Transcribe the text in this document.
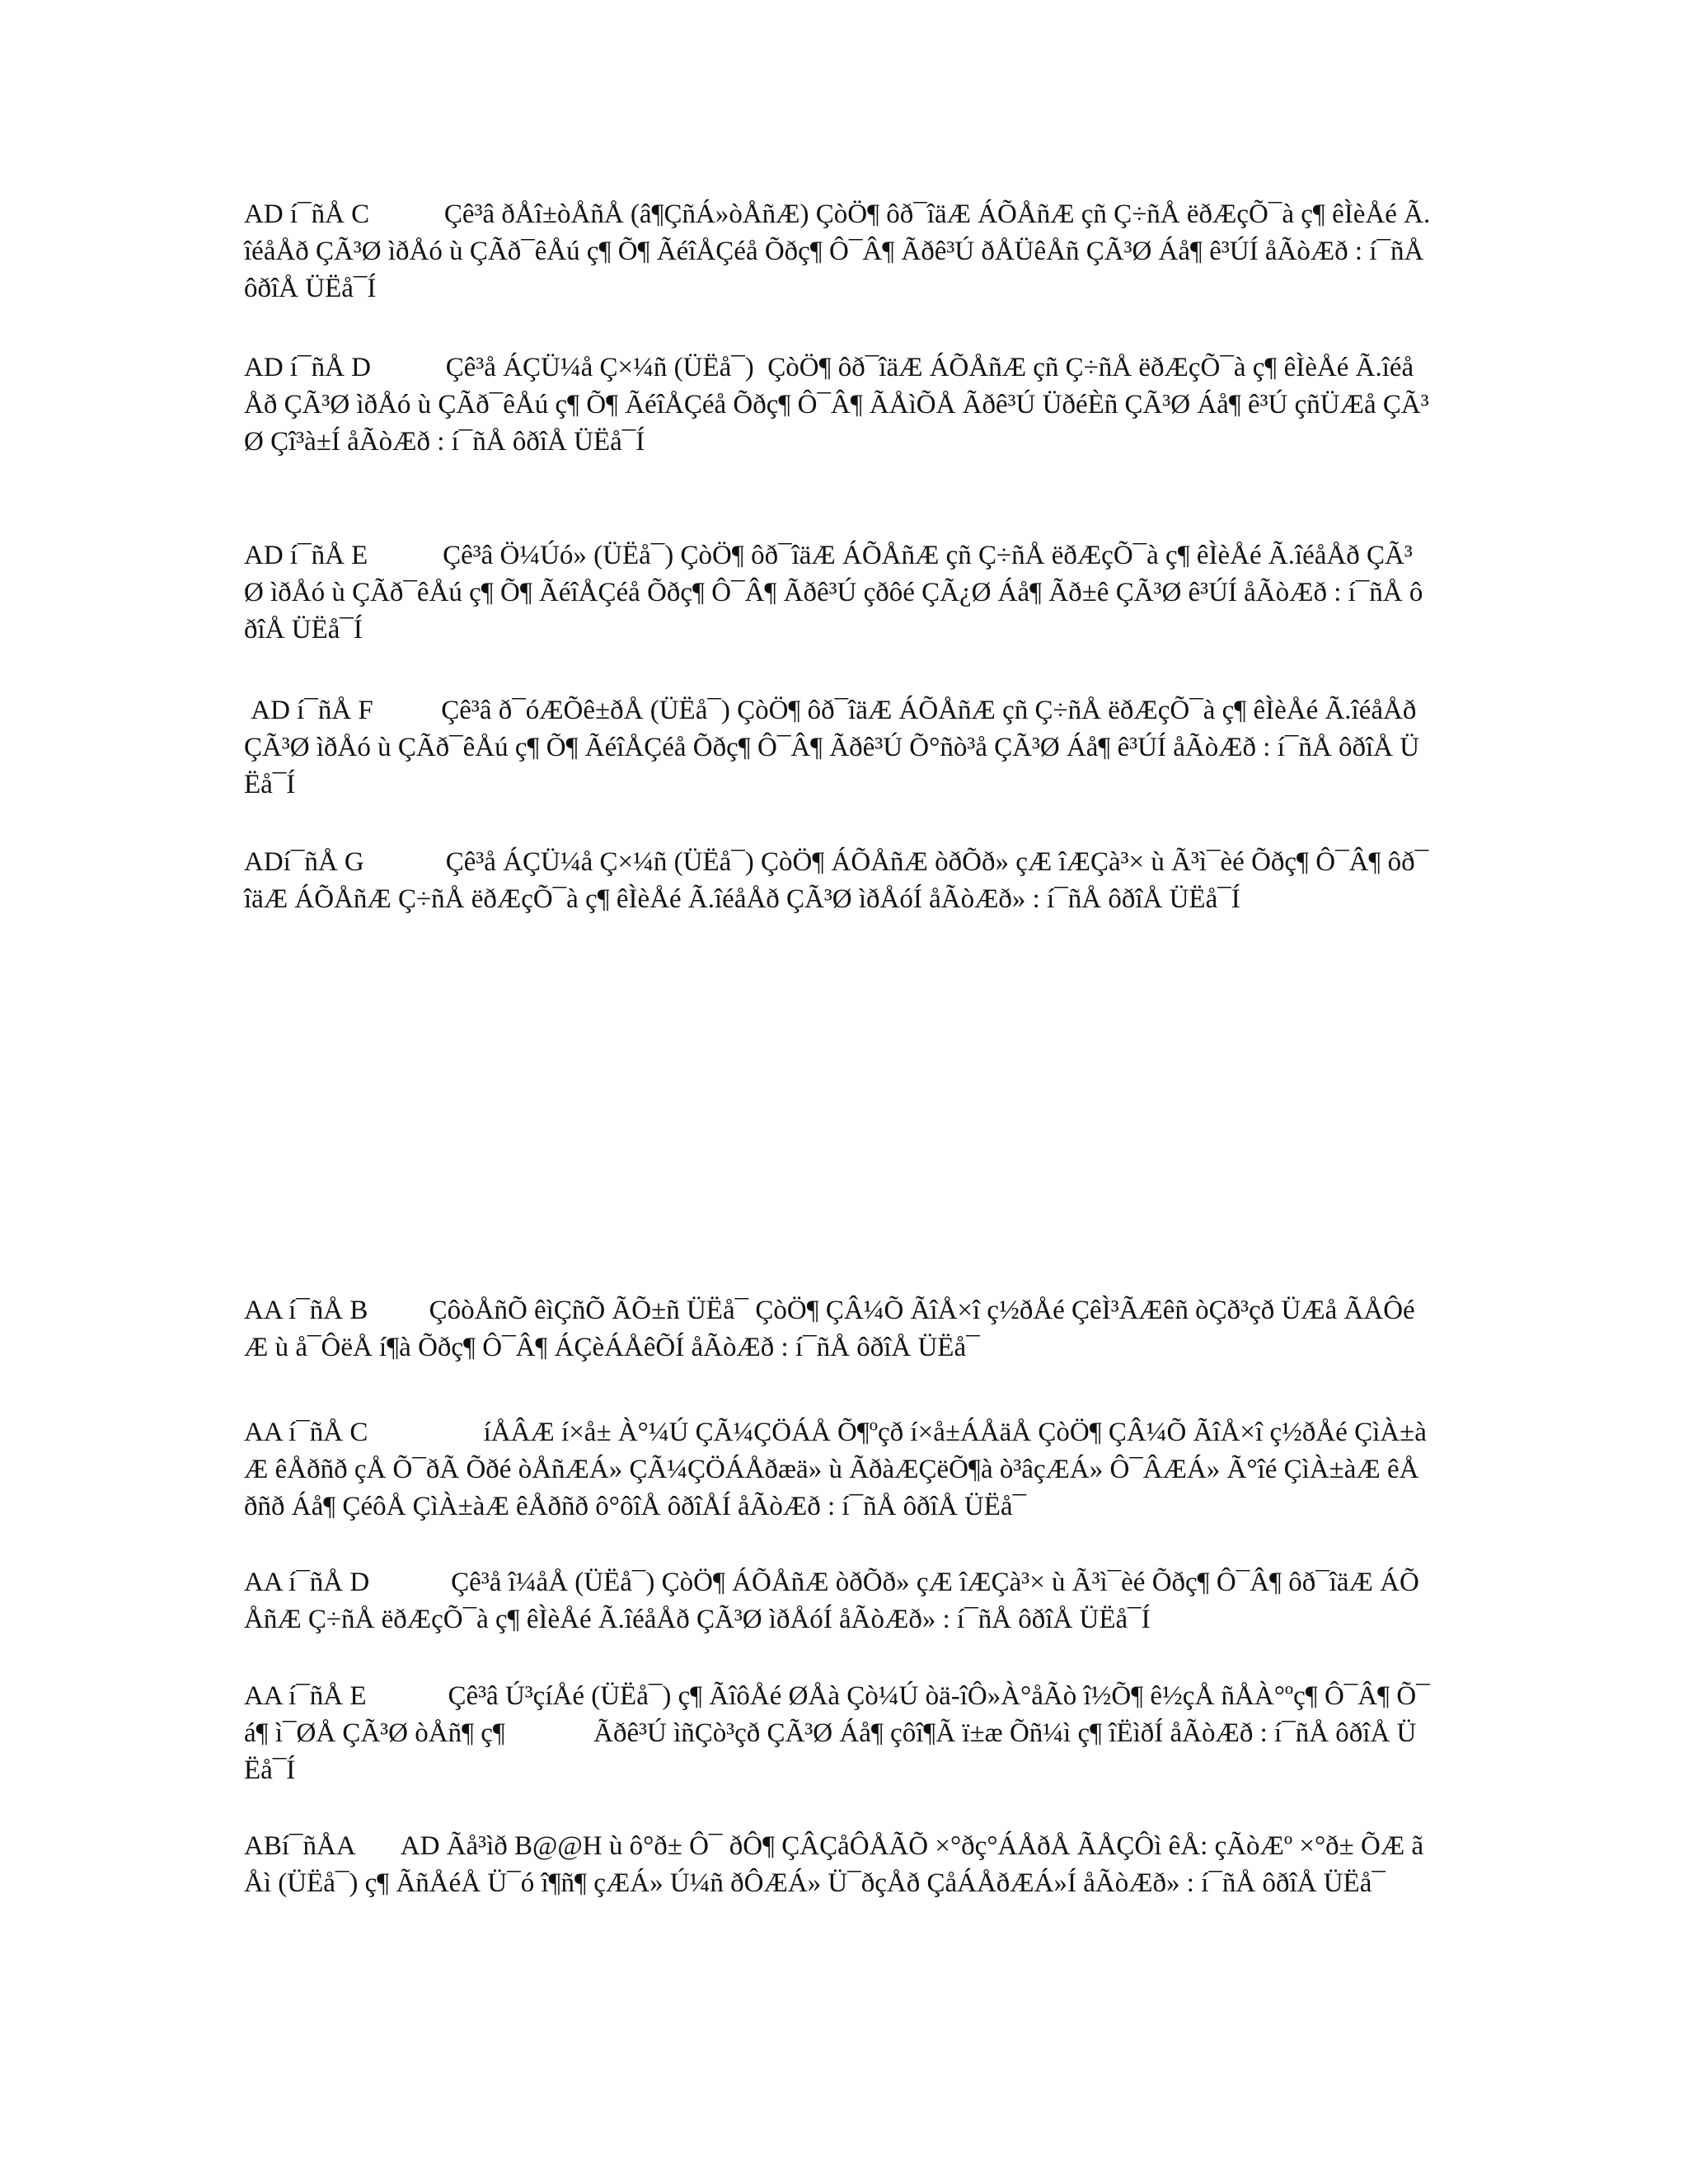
AD í¯ñÅ C           Çê³â ðÅî±òÅñÅ (â¶ÇñÁ»òÅñÆ) ÇòÖ¶ ôð¯îäÆ ÁÕÅñÆ çñ Ç÷ñÅ ëðÆçÕ¯à ç¶ êÌèÅé Ã.îéåÅð ÇÃ³Ø ìðÅó ù ÇÃð¯êÅú ç¶ Õ¶ ÃéîÅÇéå Õðç¶ Ô¯Â¶ Ãðê³Ú ðÅÜêÅñ ÇÃ³Ø Áå¶ ê³ÚÍ åÃòÆð : í¯ñÅ ôðîÅ ÜËå¯Í

AD í¯ñÅ D           Çê³å ÁÇÜ¼å Ç×¼ñ (ÜËå¯)  ÇòÖ¶ ôð¯îäÆ ÁÕÅñÆ çñ Ç÷ñÅ ëðÆçÕ¯à ç¶ êÌèÅé Ã.îéåÅð ÇÃ³Ø ìðÅó ù ÇÃð¯êÅú ç¶ Õ¶ ÃéîÅÇéå Õðç¶ Ô¯Â¶ ÃÅìÕÅ Ãðê³Ú ÜðéÈñ ÇÃ³Ø Áå¶ ê³Ú çñÜÆå ÇÃ³Ø Çî³à±Í åÃòÆð : í¯ñÅ ôðîÅ ÜËå¯Í

AD í¯ñÅ E           Çê³â Ö¼Úó» (ÜËå¯) ÇòÖ¶ ôð¯îäÆ ÁÕÅñÆ çñ Ç÷ñÅ ëðÆçÕ¯à ç¶ êÌèÅé Ã.îéåÅð ÇÃ³Ø ìðÅó ù ÇÃð¯êÅú ç¶ Õ¶ ÃéîÅÇéå Õðç¶ Ô¯Â¶ Ãðê³Ú çðôé ÇÃ¿Ø Áå¶ Ãð±ê ÇÃ³Ø ê³ÚÍ åÃòÆð : í¯ñÅ ôðîÅ ÜËå¯Í

AD í¯ñÅ F          Çê³â ð¯óÆÕê±ðÅ (ÜËå¯) ÇòÖ¶ ôð¯îäÆ ÁÕÅñÆ çñ Ç÷ñÅ ëðÆçÕ¯à ç¶ êÌèÅé Ã.îéåÅð ÇÃ³Ø ìðÅó ù ÇÃð¯êÅú ç¶ Õ¶ ÃéîÅÇéå Õðç¶ Ô¯Â¶ Ãðê³Ú Õ°ñò³å ÇÃ³Ø Áå¶ ê³ÚÍ åÃòÆð : í¯ñÅ ôðîÅ ÜËå¯Í

ADí¯ñÅ G            Çê³å ÁÇÜ¼å Ç×¼ñ (ÜËå¯) ÇòÖ¶ ÁÕÅñÆ òðÕð» çÆ îÆÇà³× ù Ã³ì¯èé Õðç¶ Ô¯Â¶ ôð¯îäÆ ÁÕÅñÆ Ç÷ñÅ ëðÆçÕ¯à ç¶ êÌèÅé Ã.îéåÅð ÇÃ³Ø ìðÅóÍ åÃòÆð» : í¯ñÅ ôðîÅ ÜËå¯Í

AA í¯ñÅ B         ÇôòÅñÕ êìÇñÕ ÃÕ±ñ ÜËå¯ ÇòÖ¶ ÇÂ¼Õ ÃîÅ×î ç½ðÅé ÇêÌ³ÃÆêñ òÇð³çð ÜÆå ÃÅÔéÆ ù å¯ÔëÅ í¶à Õðç¶ Ô¯Â¶ ÁÇèÁÅêÕÍ åÃòÆð : í¯ñÅ ôðîÅ ÜËå¯

AA í¯ñÅ C                 íÅÂÆ í×å± À°¼Ú ÇÃ¼ÇÖÁÅ Õ¶ºçð í×å±ÁÅäÅ ÇòÖ¶ ÇÂ¼Õ ÃîÅ×î ç½ðÅé ÇìÀ±àÆ êÅðñð çÅ Õ¯ðÃ Õðé òÅñÆÁ» ÇÃ¼ÇÖÁÅðæä» ù ÃðàÆÇëÕ¶à ò³âçÆÁ» Ô¯ÂÆÁ» Ã°îé ÇìÀ±àÆ êÅðñð Áå¶ ÇéôÅ ÇìÀ±àÆ êÅðñð ô°ôîÅ ôðîÅÍ åÃòÆð : í¯ñÅ ôðîÅ ÜËå¯

AA í¯ñÅ D            Çê³å î¼åÅ (ÜËå¯) ÇòÖ¶ ÁÕÅñÆ òðÕð» çÆ îÆÇà³× ù Ã³ì¯èé Õðç¶ Ô¯Â¶ ôð¯îäÆ ÁÕÅñÆ Ç÷ñÅ ëðÆçÕ¯à ç¶ êÌèÅé Ã.îéåÅð ÇÃ³Ø ìðÅóÍ åÃòÆð» : í¯ñÅ ôðîÅ ÜËå¯Í

AA í¯ñÅ E            Çê³â Ú³çíÅé (ÜËå¯) ç¶ ÃîôÅé ØÅà Çò¼Ú òä-îÔ»À°åÃò î½Õ¶ ê½çÅ ñÅÀ°ºç¶ Ô¯Â¶ Õ¯á¶ ì¯ØÅ ÇÃ³Ø òÅñ¶ ç¶             Ãðê³Ú ìñÇò³çð ÇÃ³Ø Áå¶ çôî¶Ã ï±æ Õñ¼ì ç¶ îËìðÍ åÃòÆð : í¯ñÅ ôðîÅ ÜËå¯Í

ABí¯ñÅA       AD Ãå³ìð B@@H ù ô°ð± Ô¯ ðÔ¶ ÇÂÇåÔÅÃÕ ×°ðç°ÁÅðÅ ÃÅÇÔì êÅ: çÃòÆº ×°ð± ÕÆ ãÅì (ÜËå¯) ç¶ ÃñÅéÅ Ü¯ó î¶ñ¶ çÆÁ» Ú¼ñ ðÔÆÁ» Ü¯ðçÅð ÇåÁÅðÆÁ»Í åÃòÆð» : í¯ñÅ ôðîÅ ÜËå¯
